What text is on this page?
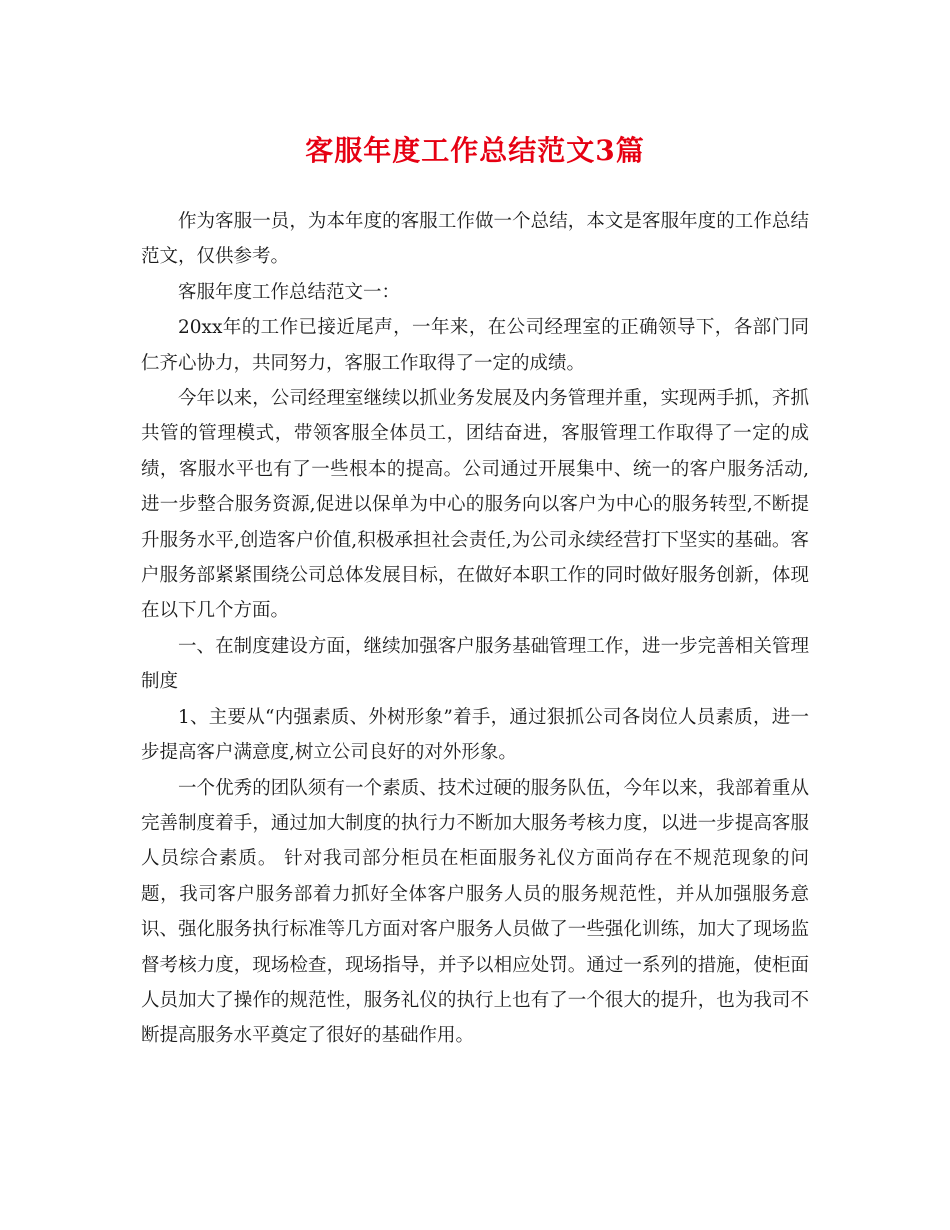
客服年度工作总结范文3篇

作为客服一员，为本年度的客服工作做一个总结，本文是客服年度的工作总结范文，仅供参考。

客服年度工作总结范文一：

20xx年的工作已接近尾声，一年来，在公司经理室的正确领导下，各部门同仁齐心协力，共同努力，客服工作取得了一定的成绩。

今年以来，公司经理室继续以抓业务发展及内务管理并重，实现两手抓，齐抓共管的管理模式，带领客服全体员工，团结奋进，客服管理工作取得了一定的成绩，客服水平也有了一些根本的提高。公司通过开展集中、统一的客户服务活动,进一步整合服务资源,促进以保单为中心的服务向以客户为中心的服务转型,不断提升服务水平,创造客户价值,积极承担社会责任,为公司永续经营打下坚实的基础。客户服务部紧紧围绕公司总体发展目标，在做好本职工作的同时做好服务创新，体现在以下几个方面。

一、在制度建设方面，继续加强客户服务基础管理工作，进一步完善相关管理制度

1、主要从“内强素质、外树形象”着手，通过狠抓公司各岗位人员素质，进一步提高客户满意度,树立公司良好的对外形象。

一个优秀的团队须有一个素质、技术过硬的服务队伍，今年以来，我部着重从完善制度着手，通过加大制度的执行力不断加大服务考核力度，以进一步提高客服人员综合素质。 针对我司部分柜员在柜面服务礼仪方面尚存在不规范现象的问题，我司客户服务部着力抓好全体客户服务人员的服务规范性，并从加强服务意识、强化服务执行标准等几方面对客户服务人员做了一些强化训练，加大了现场监督考核力度，现场检查，现场指导，并予以相应处罚。通过一系列的措施，使柜面人员加大了操作的规范性，服务礼仪的执行上也有了一个很大的提升，也为我司不断提高服务水平奠定了很好的基础作用。
